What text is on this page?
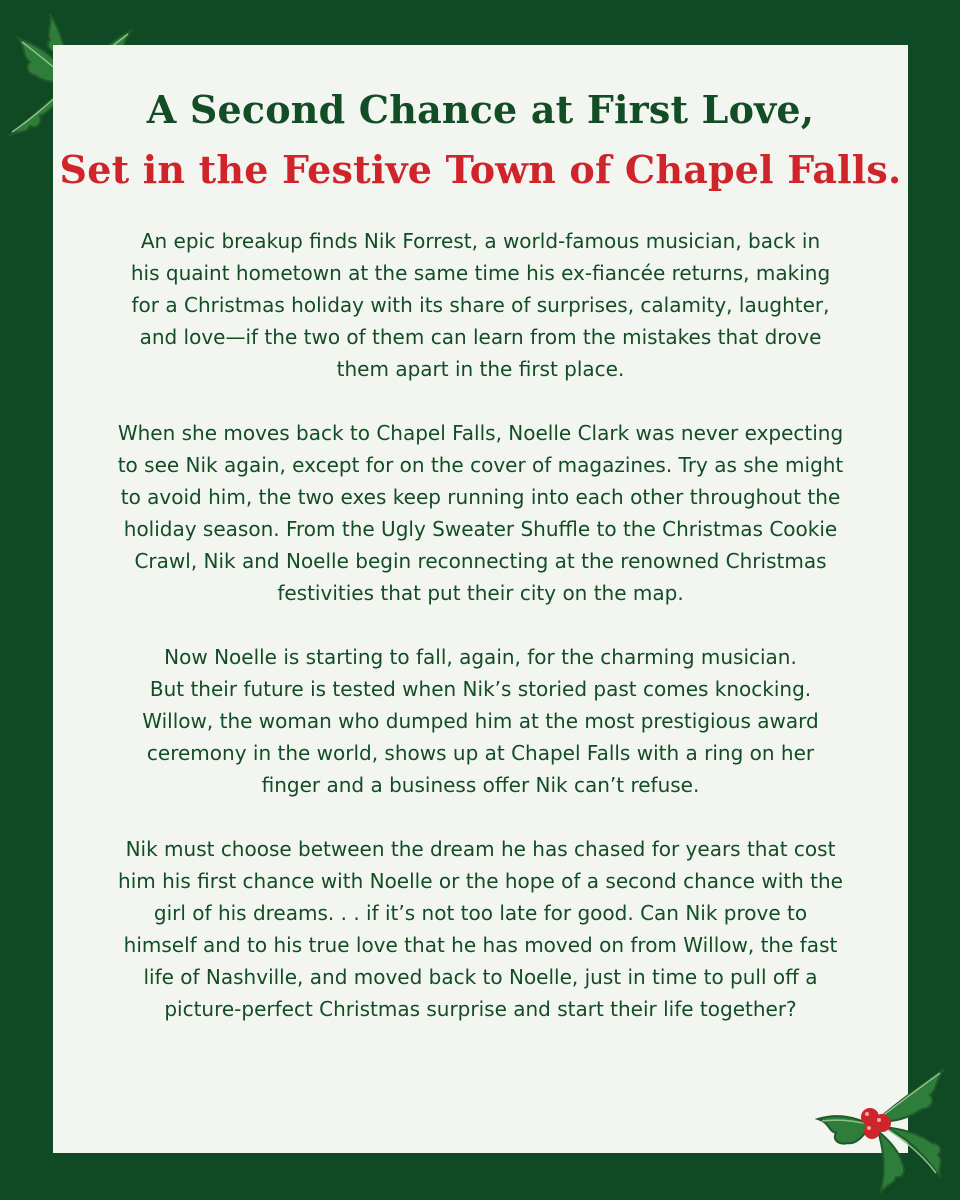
A Second Chance at First Love,
Set in the Festive Town of Chapel Falls.

An epic breakup finds Nik Forrest, a world-famous musician, back in
his quaint hometown at the same time his ex-fiancée returns, making
for a Christmas holiday with its share of surprises, calamity, laughter,
and love—if the two of them can learn from the mistakes that drove
them apart in the first place.

When she moves back to Chapel Falls, Noelle Clark was never expecting
to see Nik again, except for on the cover of magazines. Try as she might
to avoid him, the two exes keep running into each other throughout the
holiday season. From the Ugly Sweater Shuffle to the Christmas Cookie
Crawl, Nik and Noelle begin reconnecting at the renowned Christmas
festivities that put their city on the map.

Now Noelle is starting to fall, again, for the charming musician.
But their future is tested when Nik’s storied past comes knocking.
Willow, the woman who dumped him at the most prestigious award
ceremony in the world, shows up at Chapel Falls with a ring on her
finger and a business offer Nik can’t refuse.

Nik must choose between the dream he has chased for years that cost
him his first chance with Noelle or the hope of a second chance with the
girl of his dreams. . . if it’s not too late for good. Can Nik prove to
himself and to his true love that he has moved on from Willow, the fast
life of Nashville, and moved back to Noelle, just in time to pull off a
picture-perfect Christmas surprise and start their life together?
